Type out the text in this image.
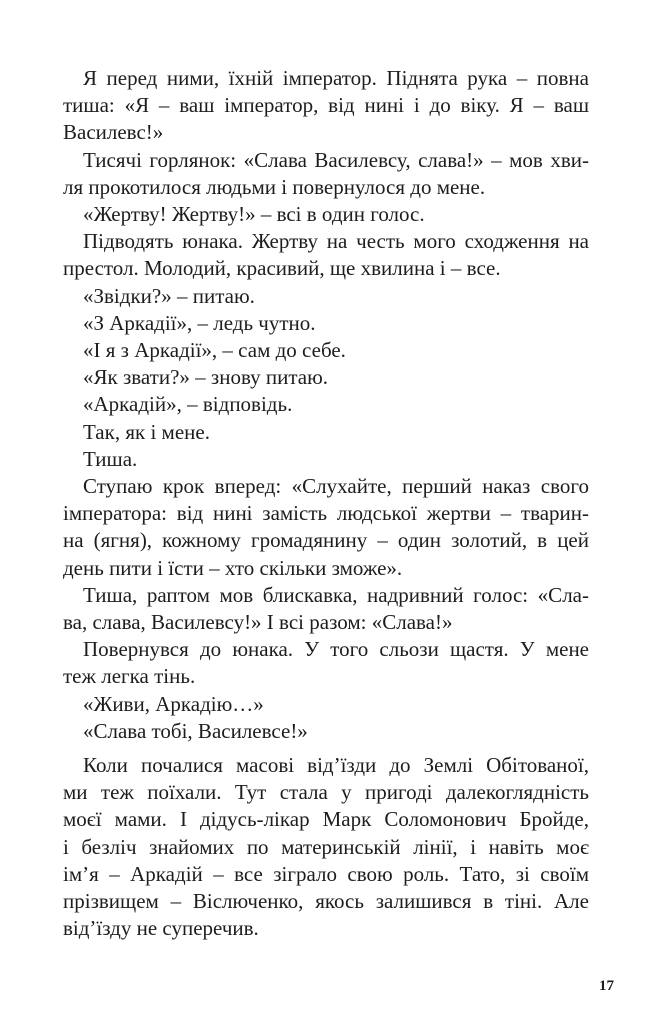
Я перед ними, їхній імператор. Піднята рука – повна
тиша: «Я – ваш імператор, від нині і до віку. Я – ваш
Василевс!»

Тисячі горлянок: «Слава Василевсу, слава!» – мов хви-
ля прокотилося людьми і повернулося до мене.

«Жертву! Жертву!» – всі в один голос.

Підводять юнака. Жертву на честь мого сходження на
престол. Молодий, красивий, ще хвилина і – все.

«Звідки?» – питаю.

«З Аркадії», – ледь чутно.

«І я з Аркадії», – сам до себе.

«Як звати?» – знову питаю.

«Аркадій», – відповідь.

Так, як і мене.

Тиша.

Ступаю крок вперед: «Слухайте, перший наказ свого
імператора: від нині замість людської жертви – тварин-
на (ягня), кожному громадянину – один золотий, в цей
день пити і їсти – хто скільки зможе».

Тиша, раптом мов блискавка, надривний голос: «Сла-
ва, слава, Василевсу!» І всі разом: «Слава!»

Повернувся до юнака. У того сльози щастя. У мене
теж легка тінь.

«Живи, Аркадію…»

«Слава тобі, Василевсе!»

Коли почалися масові від’їзди до Землі Обітованої,
ми теж поїхали. Тут стала у пригоді далекоглядність
моєї мами. І дідусь-лікар Марк Соломонович Бройде,
і безліч знайомих по материнській лінії, і навіть моє
ім’я – Аркадій – все зіграло свою роль. Тато, зі своїм
прізвищем – Віслюченко, якось залишився в тіні. Але
від’їзду не суперечив.

17
